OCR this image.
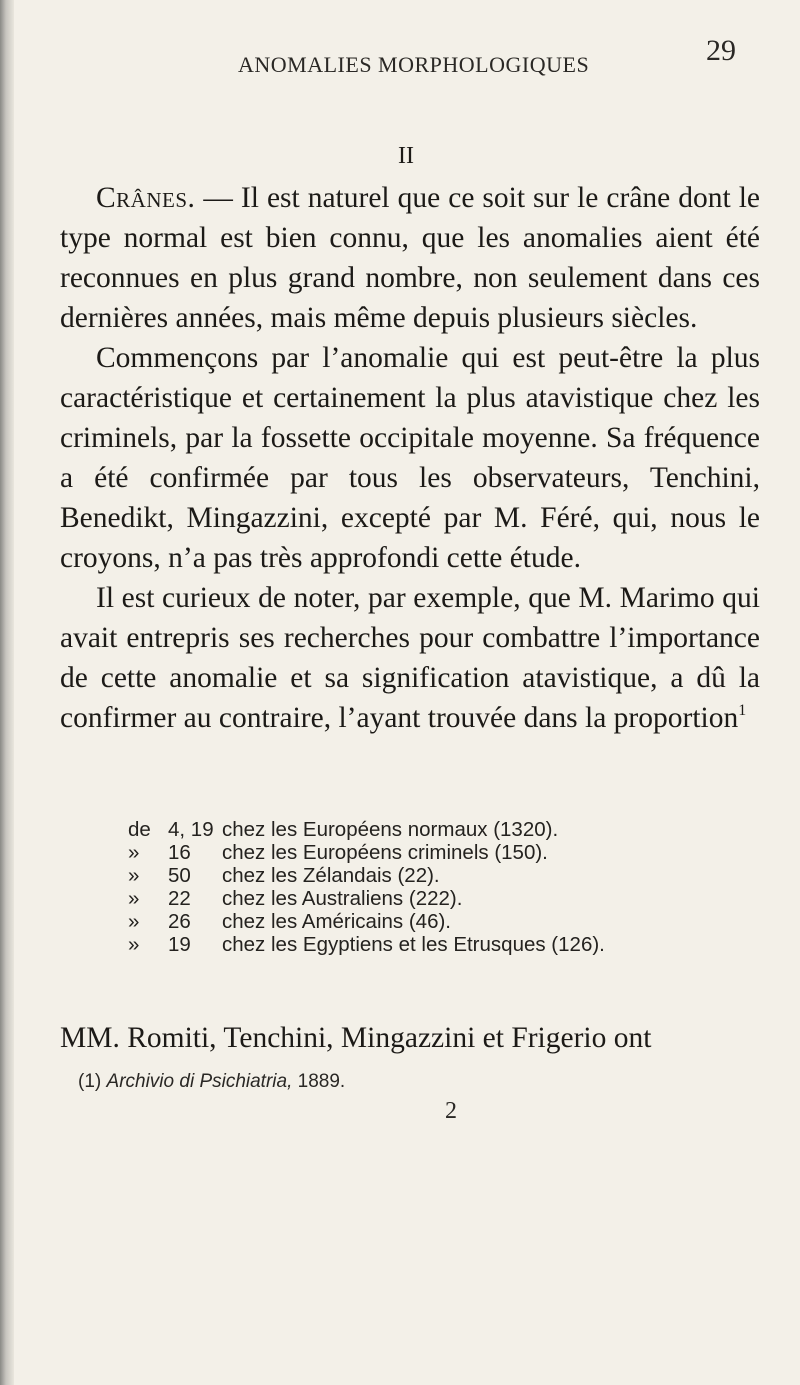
ANOMALIES MORPHOLOGIQUES	29
II

Crânes. — Il est naturel que ce soit sur le crâne dont le type normal est bien connu, que les anomalies aient été reconnues en plus grand nombre, non seulement dans ces dernières années, mais même depuis plusieurs siècles.

Commençons par l’anomalie qui est peut-être la plus caractéristique et certainement la plus atavistique chez les criminels, par la fossette occipitale moyenne. Sa fréquence a été confirmée par tous les observateurs, Tenchini, Benedikt, Mingazzini, excepté par M. Féré, qui, nous le croyons, n’a pas très approfondi cette étude.

Il est curieux de noter, par exemple, que M. Marimo qui avait entrepris ses recherches pour combattre l’importance de cette anomalie et sa signification atavistique, a dû la confirmer au contraire, l’ayant trouvée dans la proportion$^1$

de 4, 19 chez les Européens normaux (1320).
»	16	chez les Européens criminels (150).
»	50	chez les Zélandais (22).
»	22	chez les Australiens (222).
»	26	chez les Américains (46).
»	19	chez les Egyptiens et les Etrusques (126).
MM. Romiti, Tenchini, Mingazzini et Frigerio ont
(1) Archivio di Psichiatria, 1889.
2
